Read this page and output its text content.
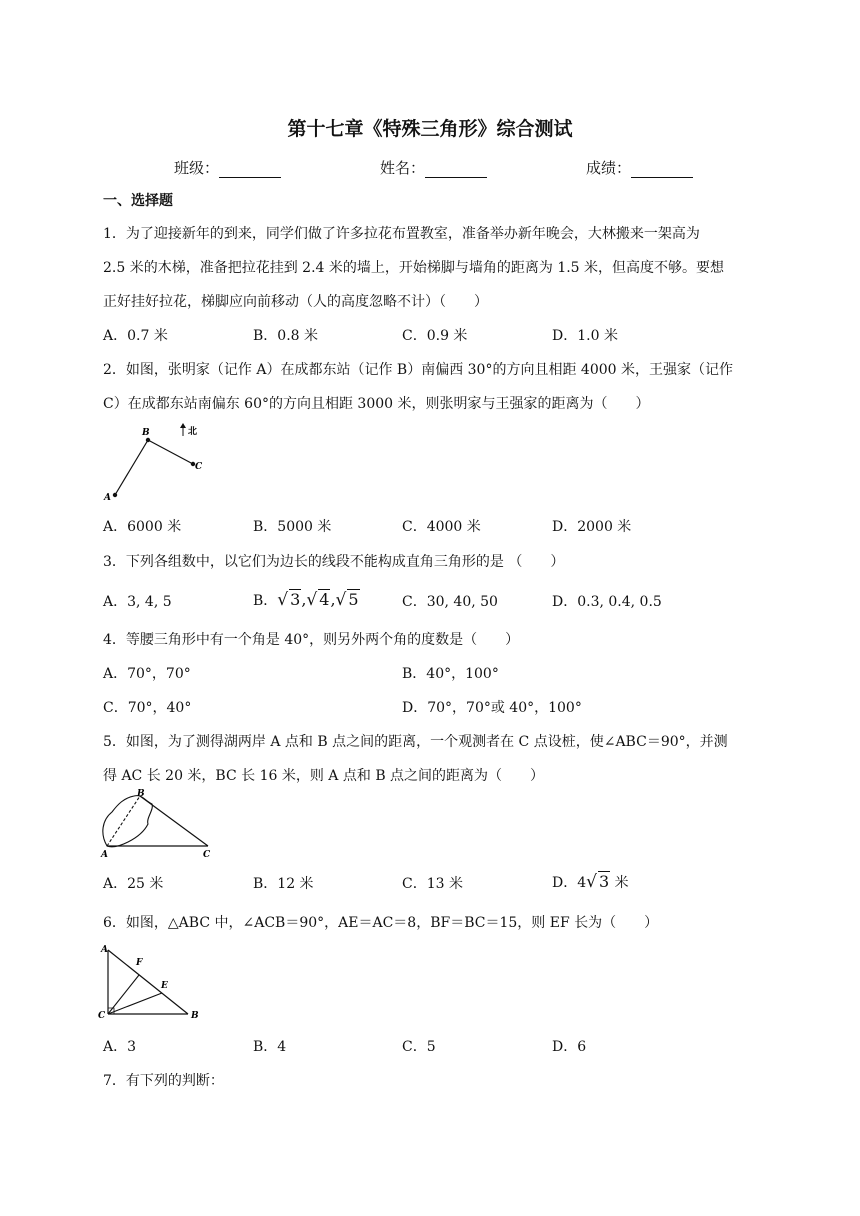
第十七章《特殊三角形》综合测试
班级：	姓名：	成绩：
一、选择题
1．为了迎接新年的到来，同学们做了许多拉花布置教室，准备举办新年晚会，大林搬来一架高为
2.5 米的木梯，准备把拉花挂到 2.4 米的墙上，开始梯脚与墙角的距离为 1.5 米，但高度不够。要想
正好挂好拉花，梯脚应向前移动（人的高度忽略不计）（　　）
A．0.7 米	B．0.8 米	C．0.9 米	D．1.0 米
2．如图，张明家（记作 A）在成都东站（记作 B）南偏西 30°的方向且相距 4000 米，王强家（记作
C）在成都东站南偏东 60°的方向且相距 3000 米，则张明家与王强家的距离为（　　）
A
B
C
北
A．6000 米	B．5000 米	C．4000 米	D．2000 米
3．下列各组数中，以它们为边长的线段不能构成直角三角形的是 （　　）
A．3, 4, 5	B．√ 3,√ 4,√ 5	C．30, 40, 50	D．0.3, 0.4, 0.5
4．等腰三角形中有一个角是 40°，则另外两个角的度数是（　　）
A．70°，70°	B．40°，100°
C．70°，40°	D．70°，70°或 40°，100°
5．如图，为了测得湖两岸 A 点和 B 点之间的距离，一个观测者在 C 点设桩，使∠ABC＝90°，并测
得 AC 长 20 米，BC 长 16 米，则 A 点和 B 点之间的距离为（　　）
A
B
C
A．25 米	B．12 米	C．13 米	D．4√ 3 米
6．如图，△ABC 中，∠ACB＝90°，AE＝AC＝8，BF＝BC＝15，则 EF 长为（　　）
A
F
E
C	B
A．3	B．4	C．5	D．6
7．有下列的判断：
